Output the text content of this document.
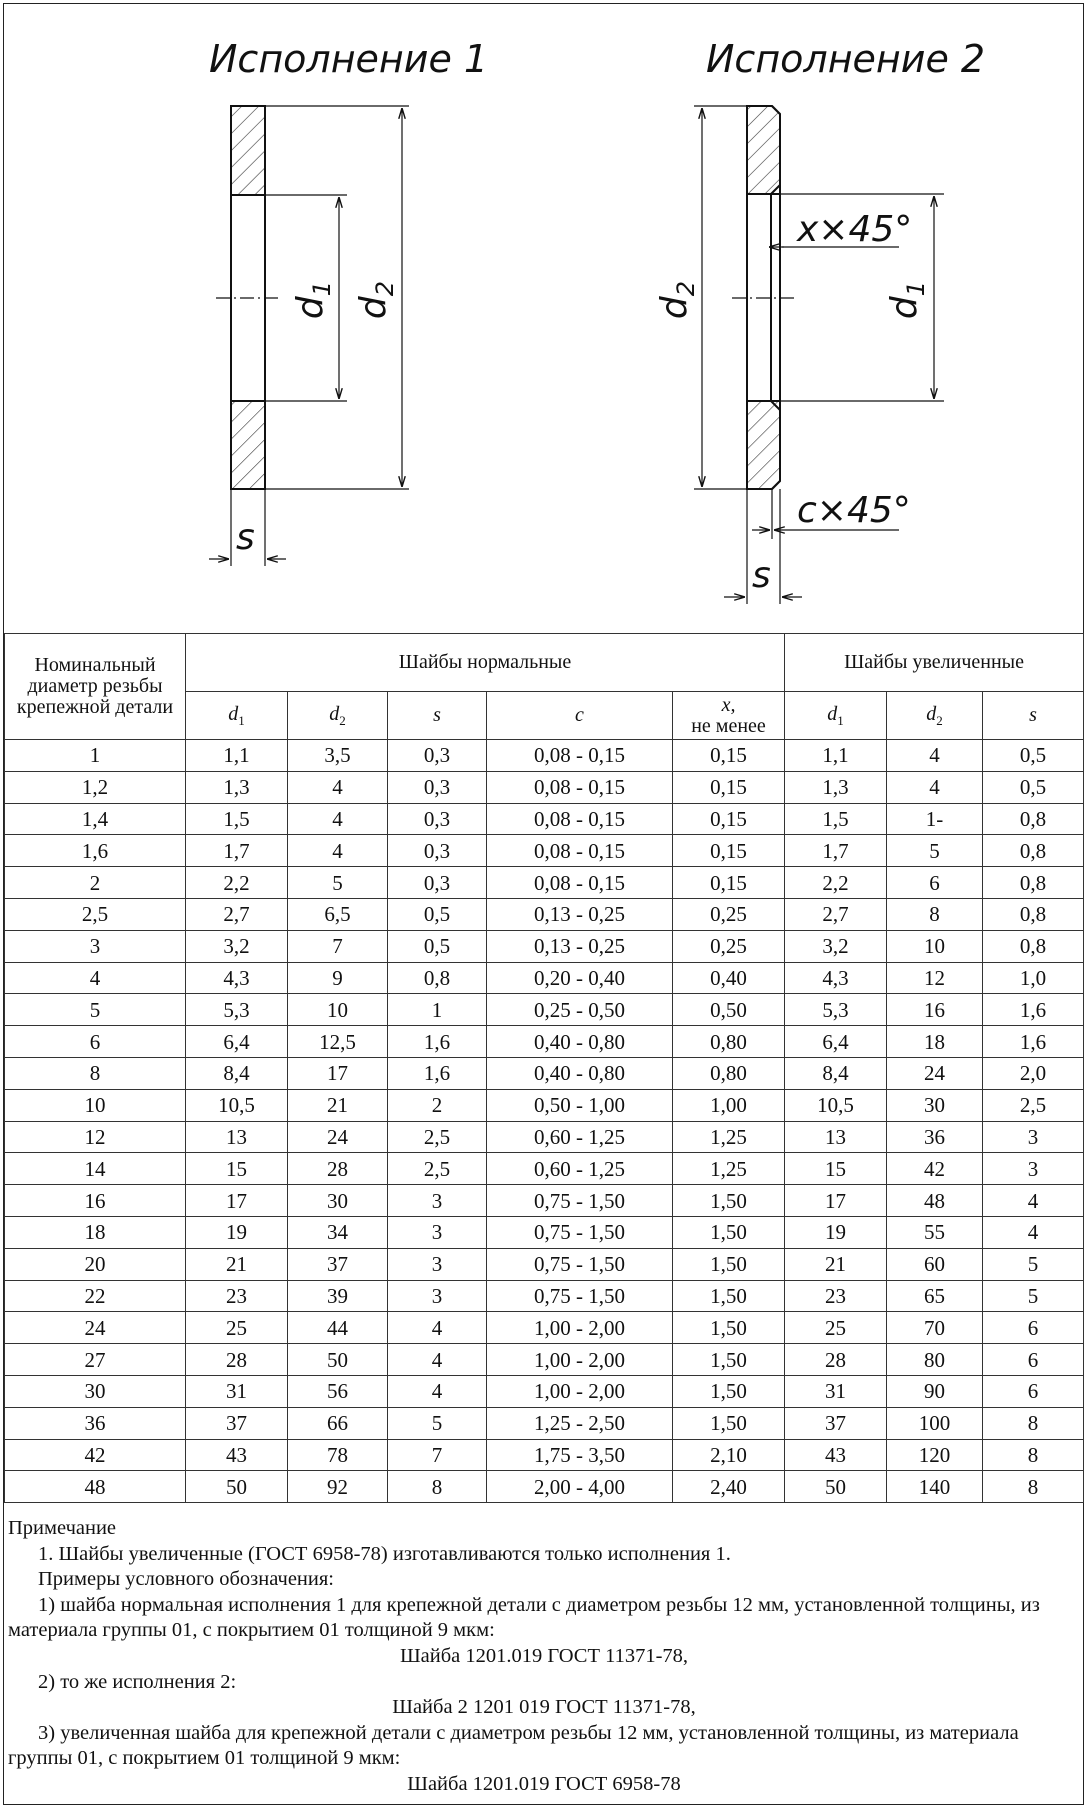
Исполнение 1
$d_1$
$d_2$
s
Исполнение 2
$d_2$
$d_1$
x×45°
c×45°
s
Номинальный диаметр резьбы крепежной детали	Шайбы нормальные					Шайбы увеличенные		
	$d_1$	$d_2$	s	c	x,
не менее	$d_1$	$d_2$	s
1	1,1	3,5	0,3	0,08 - 0,15	0,15	1,1	4	0,5
1,2	1,3	4	0,3	0,08 - 0,15	0,15	1,3	4	0,5
1,4	1,5	4	0,3	0,08 - 0,15	0,15	1,5	1-	0,8
1,6	1,7	4	0,3	0,08 - 0,15	0,15	1,7	5	0,8
2	2,2	5	0,3	0,08 - 0,15	0,15	2,2	6	0,8
2,5	2,7	6,5	0,5	0,13 - 0,25	0,25	2,7	8	0,8
3	3,2	7	0,5	0,13 - 0,25	0,25	3,2	10	0,8
4	4,3	9	0,8	0,20 - 0,40	0,40	4,3	12	1,0
5	5,3	10	1	0,25 - 0,50	0,50	5,3	16	1,6
6	6,4	12,5	1,6	0,40 - 0,80	0,80	6,4	18	1,6
8	8,4	17	1,6	0,40 - 0,80	0,80	8,4	24	2,0
10	10,5	21	2	0,50 - 1,00	1,00	10,5	30	2,5
12	13	24	2,5	0,60 - 1,25	1,25	13	36	3
14	15	28	2,5	0,60 - 1,25	1,25	15	42	3
16	17	30	3	0,75 - 1,50	1,50	17	48	4
18	19	34	3	0,75 - 1,50	1,50	19	55	4
20	21	37	3	0,75 - 1,50	1,50	21	60	5
22	23	39	3	0,75 - 1,50	1,50	23	65	5
24	25	44	4	1,00 - 2,00	1,50	25	70	6
27	28	50	4	1,00 - 2,00	1,50	28	80	6
30	31	56	4	1,00 - 2,00	1,50	31	90	6
36	37	66	5	1,25 - 2,50	1,50	37	100	8
42	43	78	7	1,75 - 3,50	2,10	43	120	8
48	50	92	8	2,00 - 4,00	2,40	50	140	8

Примечание

1. Шайбы увеличенные (ГОСТ 6958-78) изготавливаются только исполнения 1.

Примеры условного обозначения:

1) шайба нормальная исполнения 1 для крепежной детали с диаметром резьбы 12 мм, установленной толщины, из материала группы 01, с покрытием 01 толщиной 9 мкм:

Шайба 1201.019 ГОСТ 11371-78,

2) то же исполнения 2:

Шайба 2 1201 019 ГОСТ 11371-78,

3) увеличенная шайба для крепежной детали с диаметром резьбы 12 мм, установленной толщины, из материала группы 01, с покрытием 01 толщиной 9 мкм:

Шайба 1201.019 ГОСТ 6958-78
